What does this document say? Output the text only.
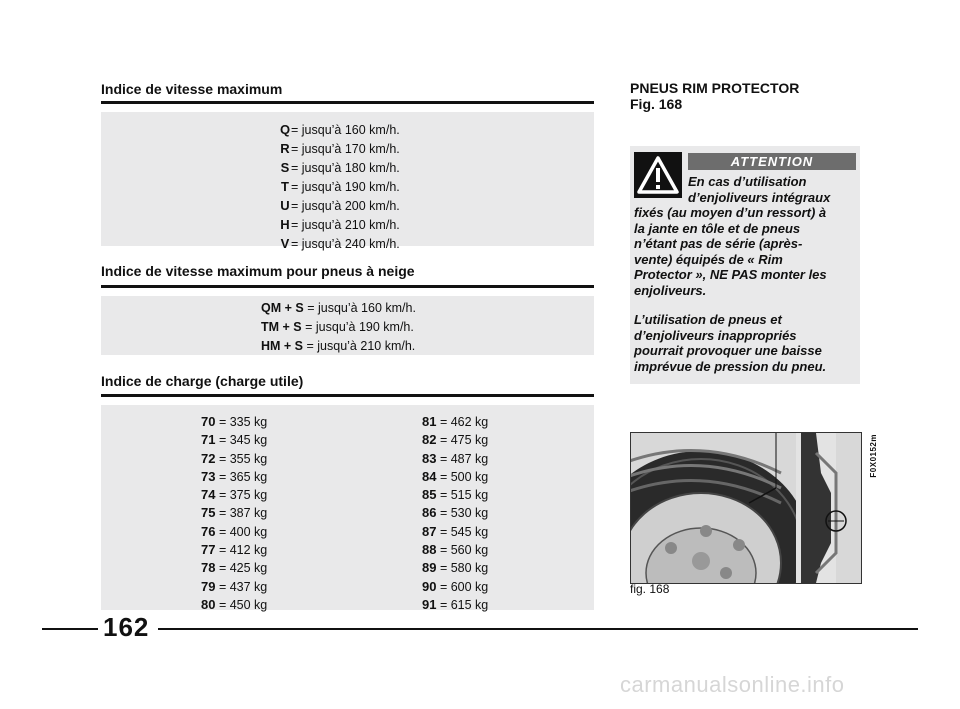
Indice de vitesse maximum
Q= jusqu’à 160 km/h.
R= jusqu’à 170 km/h.
S = jusqu’à 180 km/h.
T = jusqu’à 190 km/h.
U= jusqu’à 200 km/h.
H= jusqu’à 210 km/h.
V = jusqu’à 240 km/h.
Indice de vitesse maximum pour pneus à neige
QM + S = jusqu’à 160 km/h.
TM + S = jusqu’à 190 km/h.
HM + S = jusqu’à 210 km/h.
Indice de charge (charge utile)
70 = 335 kg
71 = 345 kg
72 = 355 kg
73 = 365 kg
74 = 375 kg
75 = 387 kg
76 = 400 kg
77 = 412 kg
78 = 425 kg
79 = 437 kg
80 = 450 kg
81 = 462 kg
82 = 475 kg
83 = 487 kg
84 = 500 kg
85 = 515 kg
86 = 530 kg
87 = 545 kg
88 = 560 kg
89 = 580 kg
90 = 600 kg
91 = 615 kg
PNEUS RIM PROTECTOR
Fig. 168
ATTENTION
En cas d’utilisation
d’enjoliveurs intégraux
fixés (au moyen d’un ressort) à
la jante en tôle et de pneus
n’étant pas de série (après-
vente) équipés de « Rim
Protector », NE PAS monter les
enjoliveurs.
L’utilisation de pneus et
d’enjoliveurs inappropriés
pourrait provoquer une baisse
imprévue de pression du pneu.
F0X0152m
fig. 168
162
carmanualsonline.info
